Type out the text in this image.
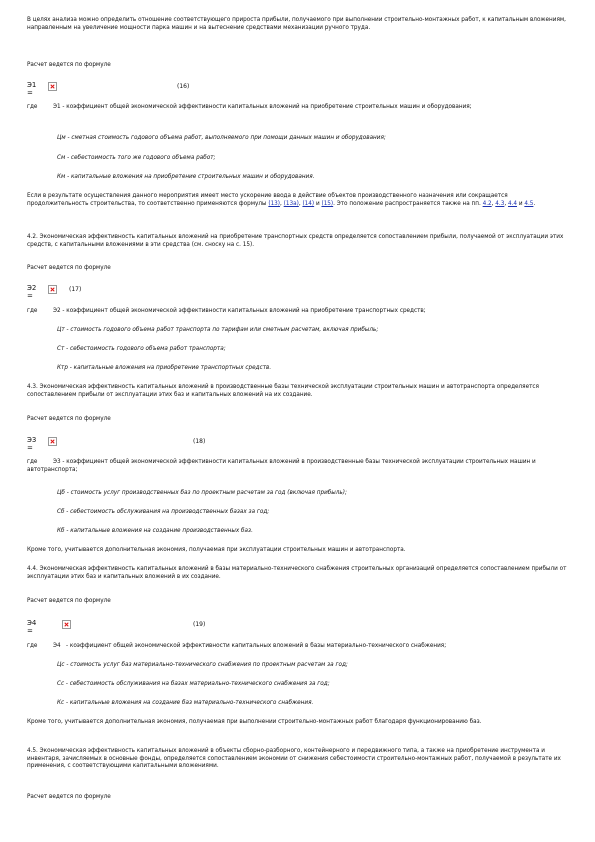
В целях анализа можно определить отношение соответствующего прироста прибыли, получаемого при выполнении строительно-монтажных работ, к капитальным вложениям, направленным на увеличение мощности парка машин и на вытеснение средствами механизации ручного труда.

Расчет ведется по формуле

Э1 =
(16)

где	Э1 - коэффициент общей экономической эффективности капитальных вложений на приобретение строительных машин и оборудования;

Цм - сметная стоимость годового объема работ, выполняемого при помощи данных машин и оборудования;

См - себестоимость того же годового объема работ;

Км - капитальные вложения на приобретение строительных машин и оборудования.

Если в результате осуществления данного мероприятия имеет место ускорение ввода в действие объектов производственного назначения или сокращается продолжительность строительства, то соответственно применяются формулы (13), (13а), (14) и (15). Это положение распространяется также на пп. 4.2, 4.3, 4.4 и 4.5.

4.2. Экономическая эффективность капитальных вложений на приобретение транспортных средств определяется сопоставлением прибыли, получаемой от эксплуатации этих средств, с капитальными вложениями в эти средства (см. сноску на с. 15).

Расчет ведется по формуле

Э2 =
(17)

где	Э2 - коэффициент общей экономической эффективности капитальных вложений на приобретение транспортных средств;

Цт - стоимость годового объема работ транспорта по тарифам или сметным расчетам, включая прибыль;

Ст - себестоимость годового объема работ транспорта;

Ктр - капитальные вложения на приобретение транспортных средств.

4.3. Экономическая эффективность капитальных вложений в производственные базы технической эксплуатации строительных машин и автотранспорта определяется сопоставлением прибыли от эксплуатации этих баз и капитальных вложений на их создание.

Расчет ведется по формуле

Э3 =
(18)

где	Э3 - коэффициент общей экономической эффективности капитальных вложений в производственные базы технической эксплуатации строительных машин и автотранспорта;

Цб - стоимость услуг производственных баз по проектным расчетам за год (включая прибыль);

Сб - себестоимость обслуживания на производственных базах за год;

Кб - капитальные вложения на создание производственных баз.

Кроме того, учитывается дополнительная экономия, получаемая при эксплуатации строительных машин и автотранспорта.

4.4. Экономическая эффективность капитальных вложений в базы материально-технического снабжения строительных организаций определяется сопоставлением прибыли от эксплуатации этих баз и капитальных вложений в их создание.

Расчет ведется по формуле

Э4 =
(19)

где	Э4 - коэффициент общей экономической эффективности капитальных вложений в базы материально-технического снабжения;

Цс - стоимость услуг баз материально-технического снабжения по проектным расчетам за год;

Сс - себестоимость обслуживания на базах материально-технического снабжения за год;

Кс - капитальные вложения на создание баз материально-технического снабжения.

Кроме того, учитывается дополнительная экономия, получаемая при выполнении строительно-монтажных работ благодаря функционированию баз.

4.5. Экономическая эффективность капитальных вложений в объекты сборно-разборного, контейнерного и передвижного типа, а также на приобретение инструмента и инвентаря, зачисляемых в основные фонды, определяется сопоставлением экономии от снижения себестоимости строительно-монтажных работ, получаемой в результате их применения, с соответствующими капитальными вложениями.

Расчет ведется по формуле
